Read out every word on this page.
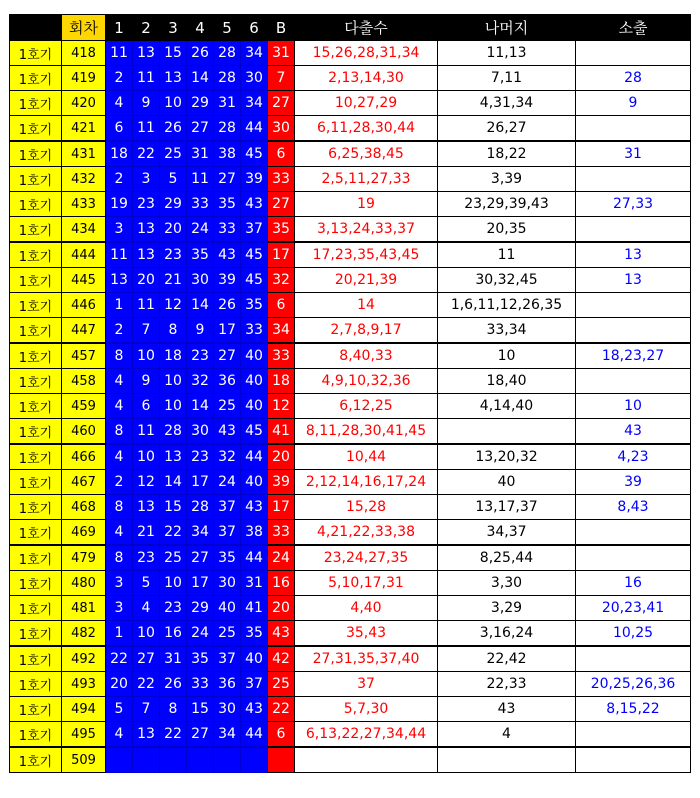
	회차	1	2	3	4	5	6	B	다출수	나머지	소출
1호기	418	11	13	15	26	28	34	31	15,26,28,31,34	11,13	
1호기	419	2	11	13	14	28	30	7	2,13,14,30	7,11	28
1호기	420	4	9	10	29	31	34	27	10,27,29	4,31,34	9
1호기	421	6	11	26	27	28	44	30	6,11,28,30,44	26,27	
1호기	431	18	22	25	31	38	45	6	6,25,38,45	18,22	31
1호기	432	2	3	5	11	27	39	33	2,5,11,27,33	3,39	
1호기	433	19	23	29	33	35	43	27	19	23,29,39,43	27,33
1호기	434	3	13	20	24	33	37	35	3,13,24,33,37	20,35	
1호기	444	11	13	23	35	43	45	17	17,23,35,43,45	11	13
1호기	445	13	20	21	30	39	45	32	20,21,39	30,32,45	13
1호기	446	1	11	12	14	26	35	6	14	1,6,11,12,26,35	
1호기	447	2	7	8	9	17	33	34	2,7,8,9,17	33,34	
1호기	457	8	10	18	23	27	40	33	8,40,33	10	18,23,27
1호기	458	4	9	10	32	36	40	18	4,9,10,32,36	18,40	
1호기	459	4	6	10	14	25	40	12	6,12,25	4,14,40	10
1호기	460	8	11	28	30	43	45	41	8,11,28,30,41,45		43
1호기	466	4	10	13	23	32	44	20	10,44	13,20,32	4,23
1호기	467	2	12	14	17	24	40	39	2,12,14,16,17,24	40	39
1호기	468	8	13	15	28	37	43	17	15,28	13,17,37	8,43
1호기	469	4	21	22	34	37	38	33	4,21,22,33,38	34,37	
1호기	479	8	23	25	27	35	44	24	23,24,27,35	8,25,44	
1호기	480	3	5	10	17	30	31	16	5,10,17,31	3,30	16
1호기	481	3	4	23	29	40	41	20	4,40	3,29	20,23,41
1호기	482	1	10	16	24	25	35	43	35,43	3,16,24	10,25
1호기	492	22	27	31	35	37	40	42	27,31,35,37,40	22,42	
1호기	493	20	22	26	33	36	37	25	37	22,33	20,25,26,36
1호기	494	5	7	8	15	30	43	22	5,7,30	43	8,15,22
1호기	495	4	13	22	27	34	44	6	6,13,22,27,34,44	4	
1호기	509										
